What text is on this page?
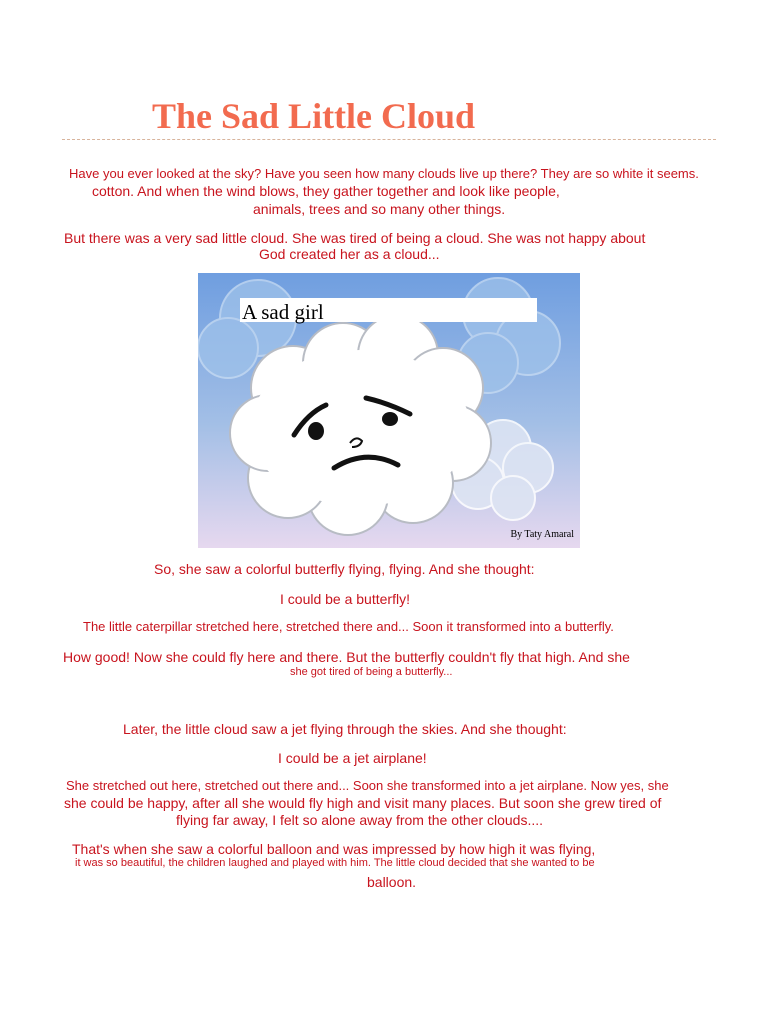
The Sad Little Cloud
Have you ever looked at the sky? Have you seen how many clouds live up there? They are so white it seems.
cotton. And when the wind blows, they gather together and look like people,
animals, trees and so many other things.
But there was a very sad little cloud. She was tired of being a cloud. She was not happy about
God created her as a cloud...
A sad girl
By Taty Amaral
So, she saw a colorful butterfly flying, flying. And she thought:
I could be a butterfly!
The little caterpillar stretched here, stretched there and... Soon it transformed into a butterfly.
How good! Now she could fly here and there. But the butterfly couldn't fly that high. And she
she got tired of being a butterfly...
Later, the little cloud saw a jet flying through the skies. And she thought:
I could be a jet airplane!
She stretched out here, stretched out there and... Soon she transformed into a jet airplane. Now yes, she
she could be happy, after all she would fly high and visit many places. But soon she grew tired of
flying far away, I felt so alone away from the other clouds....
That's when she saw a colorful balloon and was impressed by how high it was flying,
it was so beautiful, the children laughed and played with him. The little cloud decided that she wanted to be
balloon.
